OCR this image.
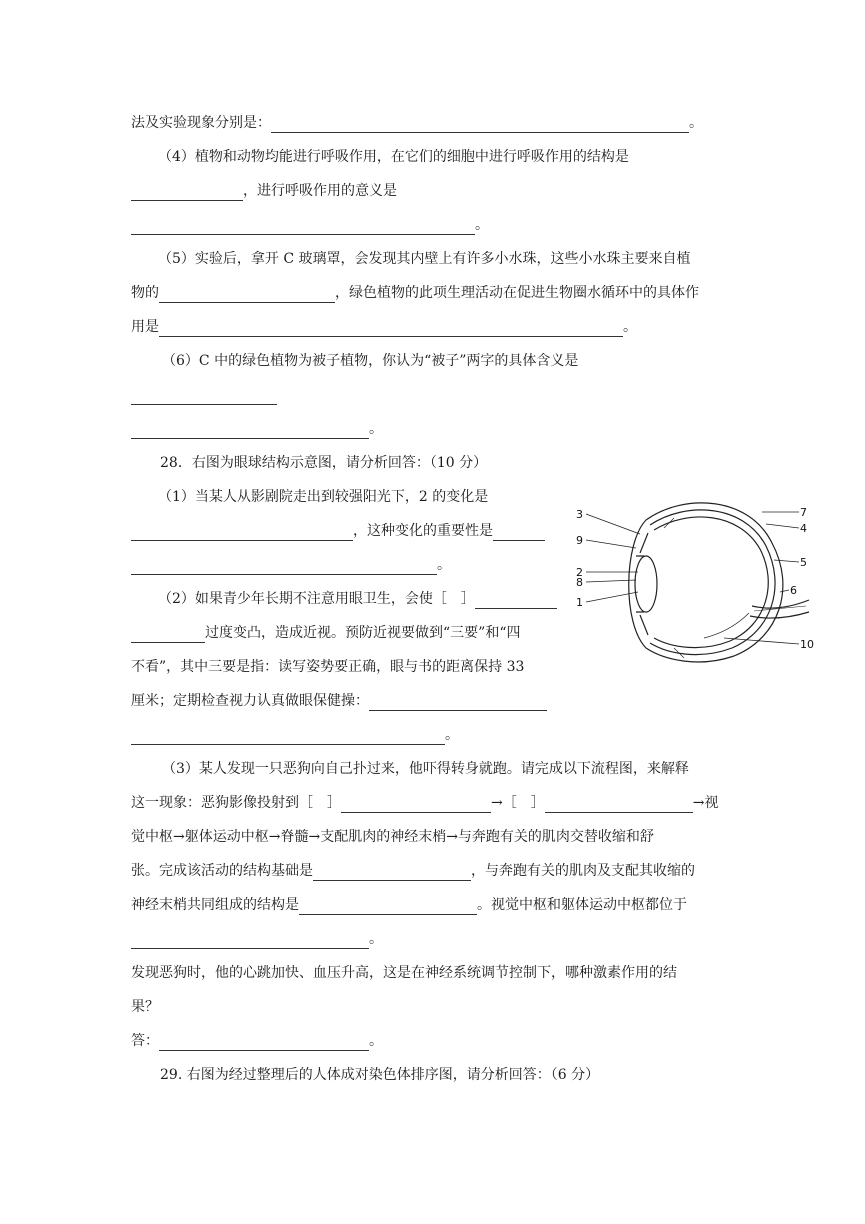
法及实验现象分别是：	。
（4）植物和动物均能进行呼吸作用，在它们的细胞中进行呼吸作用的结构是
，进行呼吸作用的意义是
。
（5）实验后，拿开 C 玻璃罩，会发现其内壁上有许多小水珠，这些小水珠主要来自植
物的	，绿色植物的此项生理活动在促进生物圈水循环中的具体作
用是	。
（6）C 中的绿色植物为被子植物，你认为“被子”两字的具体含义是
。
28．右图为眼球结构示意图，请分析回答：（10 分）
（1）当某人从影剧院走出到较强阳光下，2 的变化是
，这种变化的重要性是
。
（2）如果青少年长期不注意用眼卫生，会使［　］
过度变凸，造成近视。预防近视要做到“三要”和“四
不看”，其中三要是指：读写姿势要正确，眼与书的距离保持 33
厘米；定期检查视力认真做眼保健操：
。
（3）某人发现一只恶狗向自己扑过来，他吓得转身就跑。请完成以下流程图，来解释
这一现象：恶狗影像投射到［　］	→［　］	→视
觉中枢→躯体运动中枢→脊髓→支配肌肉的神经末梢→与奔跑有关的肌肉交替收缩和舒
张。完成该活动的结构基础是	，与奔跑有关的肌肉及支配其收缩的
神经末梢共同组成的结构是	。视觉中枢和躯体运动中枢都位于
。
发现恶狗时，他的心跳加快、血压升高，这是在神经系统调节控制下，哪种激素作用的结
果？
答：	。
29. 右图为经过整理后的人体成对染色体排序图，请分析回答：（6 分）
3
9
2
8
1
7
4
5
6
10
